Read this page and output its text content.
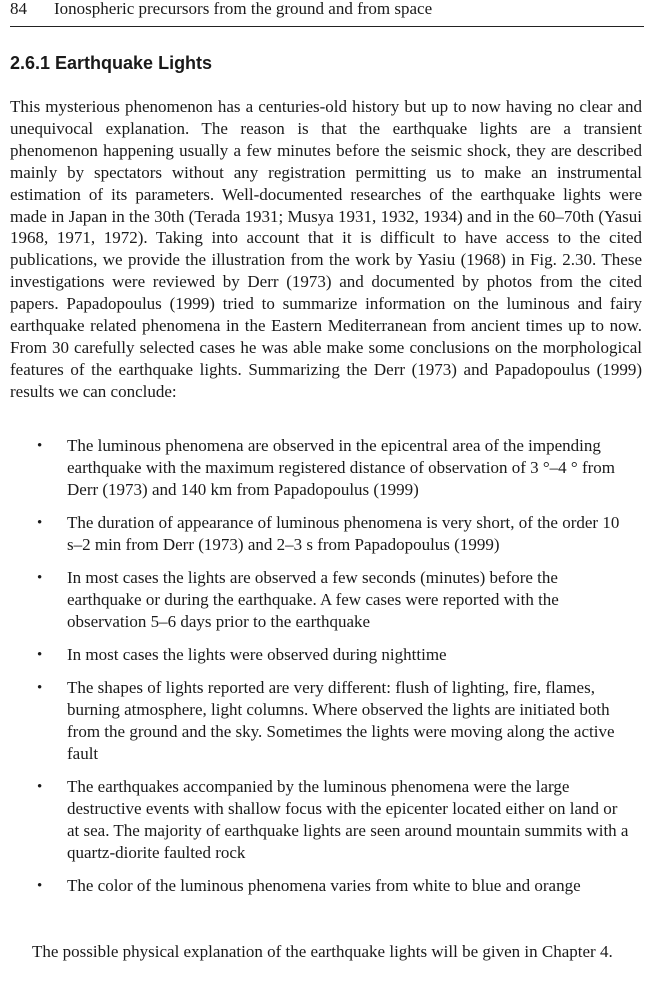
84 Ionospheric precursors from the ground and from space
2.6.1 Earthquake Lights

This mysterious phenomenon has a centuries-old history but up to now having no clear and unequivocal explanation. The reason is that the earthquake lights are a transient phenomenon happening usually a few minutes before the seismic shock, they are described mainly by spectators without any registration permitting us to make an instrumental estimation of its parameters. Well-documented researches of the earthquake lights were made in Japan in the 30th (Terada 1931; Musya 1931, 1932, 1934) and in the 60–70th (Yasui 1968, 1971, 1972). Taking into account that it is difficult to have access to the cited publications, we provide the illustration from the work by Yasiu (1968) in Fig. 2.30. These investigations were reviewed by Derr (1973) and documented by photos from the cited papers. Papadopoulus (1999) tried to summarize information on the luminous and fairy earthquake related phenomena in the Eastern Mediterranean from ancient times up to now. From 30 carefully selected cases he was able make some conclusions on the morphological features of the earthquake lights. Summarizing the Derr (1973) and Papadopoulus (1999) results we can conclude:

• The luminous phenomena are observed in the epicentral area of the impending earthquake with the maximum registered distance of observation of 3 °–4 ° from Derr (1973) and 140 km from Papadopoulus (1999)
• The duration of appearance of luminous phenomena is very short, of the order 10 s–2 min from Derr (1973) and 2–3 s from Papadopoulus (1999)
• In most cases the lights are observed a few seconds (minutes) before the earthquake or during the earthquake. A few cases were reported with the observation 5–6 days prior to the earthquake
• In most cases the lights were observed during nighttime
• The shapes of lights reported are very different: flush of lighting, fire, flames, burning atmosphere, light columns. Where observed the lights are initiated both from the ground and the sky. Sometimes the lights were moving along the active fault
• The earthquakes accompanied by the luminous phenomena were the large destructive events with shallow focus with the epicenter located either on land or at sea. The majority of earthquake lights are seen around mountain summits with a quartz-diorite faulted rock
• The color of the luminous phenomena varies from white to blue and orange

The possible physical explanation of the earthquake lights will be given in Chapter 4.
